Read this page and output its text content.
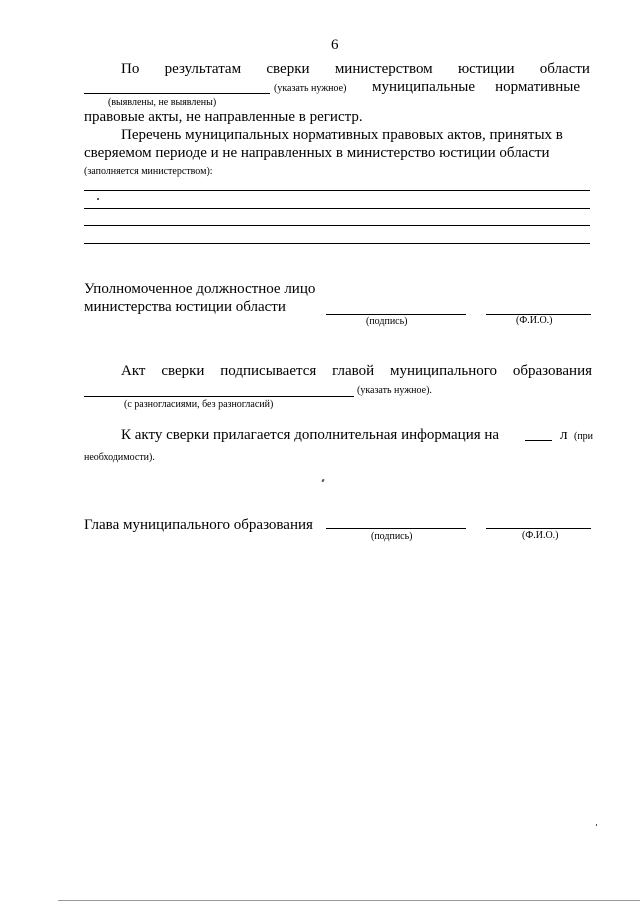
6
По результатам сверки министерством юстиции области
(указать нужное) муниципальные нормативные
(выявлены, не выявлены)
правовые акты, не направленные в регистр.
Перечень муниципальных нормативных правовых актов, принятых в
сверяемом периоде и не направленных в министерство юстиции области
(заполняется министерством):
Уполномоченное должностное лицо
министерства юстиции области
(подпись)	(Ф.И.О.)
Акт сверки подписывается главой муниципального образования
(указать нужное).
(с разногласиями, без разногласий)
К акту сверки прилагается дополнительная информация на	л (при
необходимости).
Глава муниципального образования
(подпись)	(Ф.И.О.)
